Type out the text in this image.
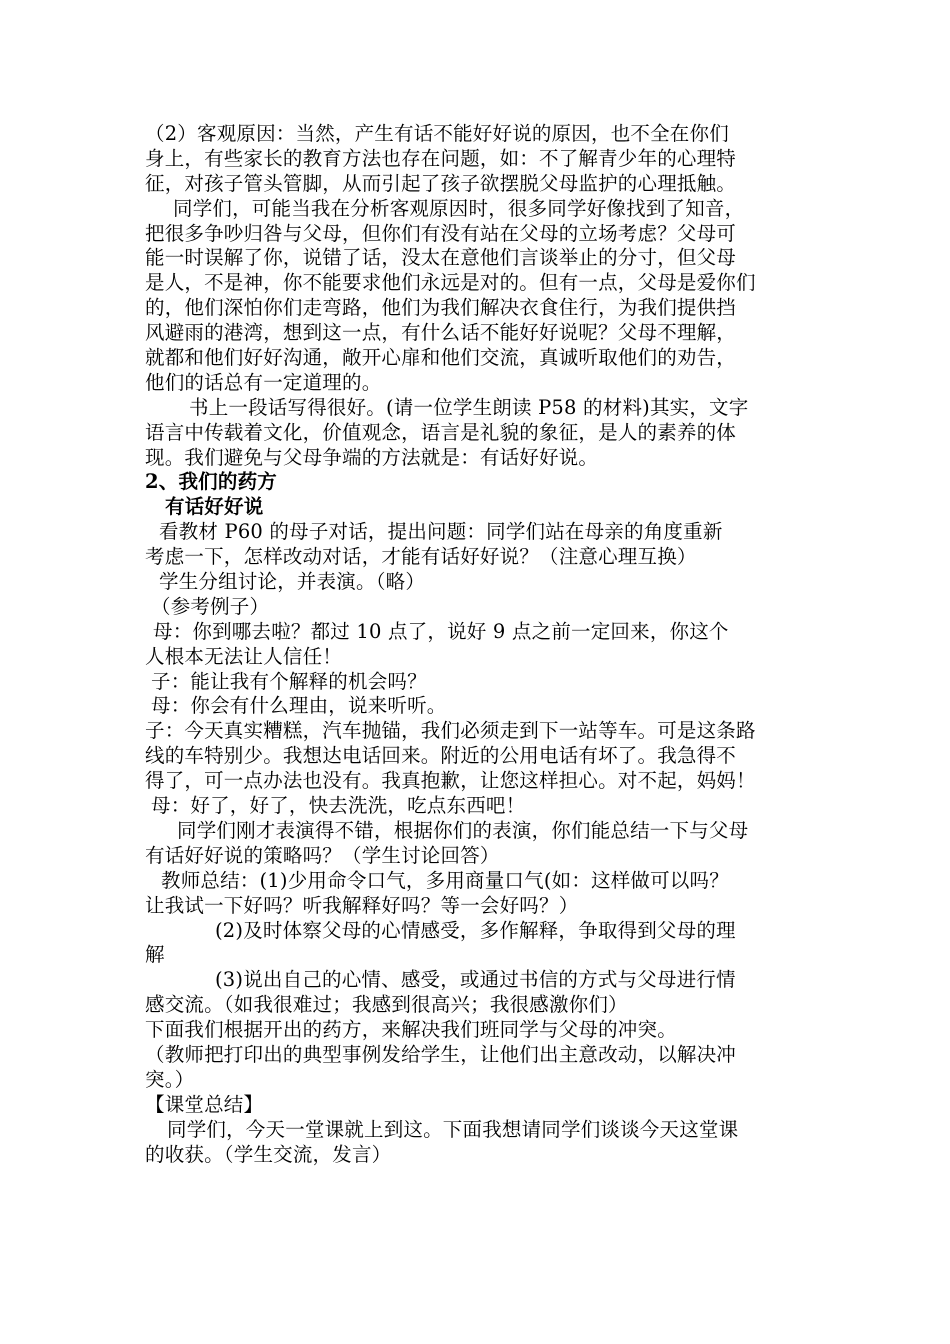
（2）客观原因：当然，产生有话不能好好说的原因，也不全在你们
身上，有些家长的教育方法也存在问题，如：不了解青少年的心理特
征，对孩子管头管脚，从而引起了孩子欲摆脱父母监护的心理抵触。
同学们，可能当我在分析客观原因时，很多同学好像找到了知音，
把很多争吵归咎与父母，但你们有没有站在父母的立场考虑？父母可
能一时误解了你，说错了话，没太在意他们言谈举止的分寸，但父母
是人，不是神，你不能要求他们永远是对的。但有一点，父母是爱你们
的，他们深怕你们走弯路，他们为我们解决衣食住行，为我们提供挡
风避雨的港湾，想到这一点，有什么话不能好好说呢？父母不理解，
就都和他们好好沟通，敞开心扉和他们交流，真诚听取他们的劝告，
他们的话总有一定道理的。
书上一段话写得很好。(请一位学生朗读 P58 的材料)其实，文字
语言中传载着文化，价值观念，语言是礼貌的象征，是人的素养的体
现。我们避免与父母争端的方法就是：有话好好说。
2、我们的药方
有话好好说
看教材 P60 的母子对话，提出问题：同学们站在母亲的角度重新
考虑一下，怎样改动对话，才能有话好好说？（注意心理互换）
学生分组讨论，并表演。（略）
（参考例子）
母：你到哪去啦？都过 10 点了，说好 9 点之前一定回来，你这个
人根本无法让人信任！
子：能让我有个解释的机会吗？
母：你会有什么理由，说来听听。
子：今天真实糟糕，汽车抛锚，我们必须走到下一站等车。可是这条路
线的车特别少。我想达电话回来。附近的公用电话有坏了。我急得不
得了，可一点办法也没有。我真抱歉，让您这样担心。对不起，妈妈！
母：好了，好了，快去洗洗，吃点东西吧！
同学们刚才表演得不错，根据你们的表演，你们能总结一下与父母
有话好好说的策略吗？（学生讨论回答）
教师总结：(1)少用命令口气，多用商量口气(如：这样做可以吗？
让我试一下好吗？听我解释好吗？等一会好吗？）
(2)及时体察父母的心情感受，多作解释，争取得到父母的理
解
(3)说出自己的心情、感受，或通过书信的方式与父母进行情
感交流。（如我很难过；我感到很高兴；我很感激你们）
下面我们根据开出的药方，来解决我们班同学与父母的冲突。
（教师把打印出的典型事例发给学生，让他们出主意改动，以解决冲
突。）
【课堂总结】
同学们，今天一堂课就上到这。下面我想请同学们谈谈今天这堂课
的收获。（学生交流，发言）
